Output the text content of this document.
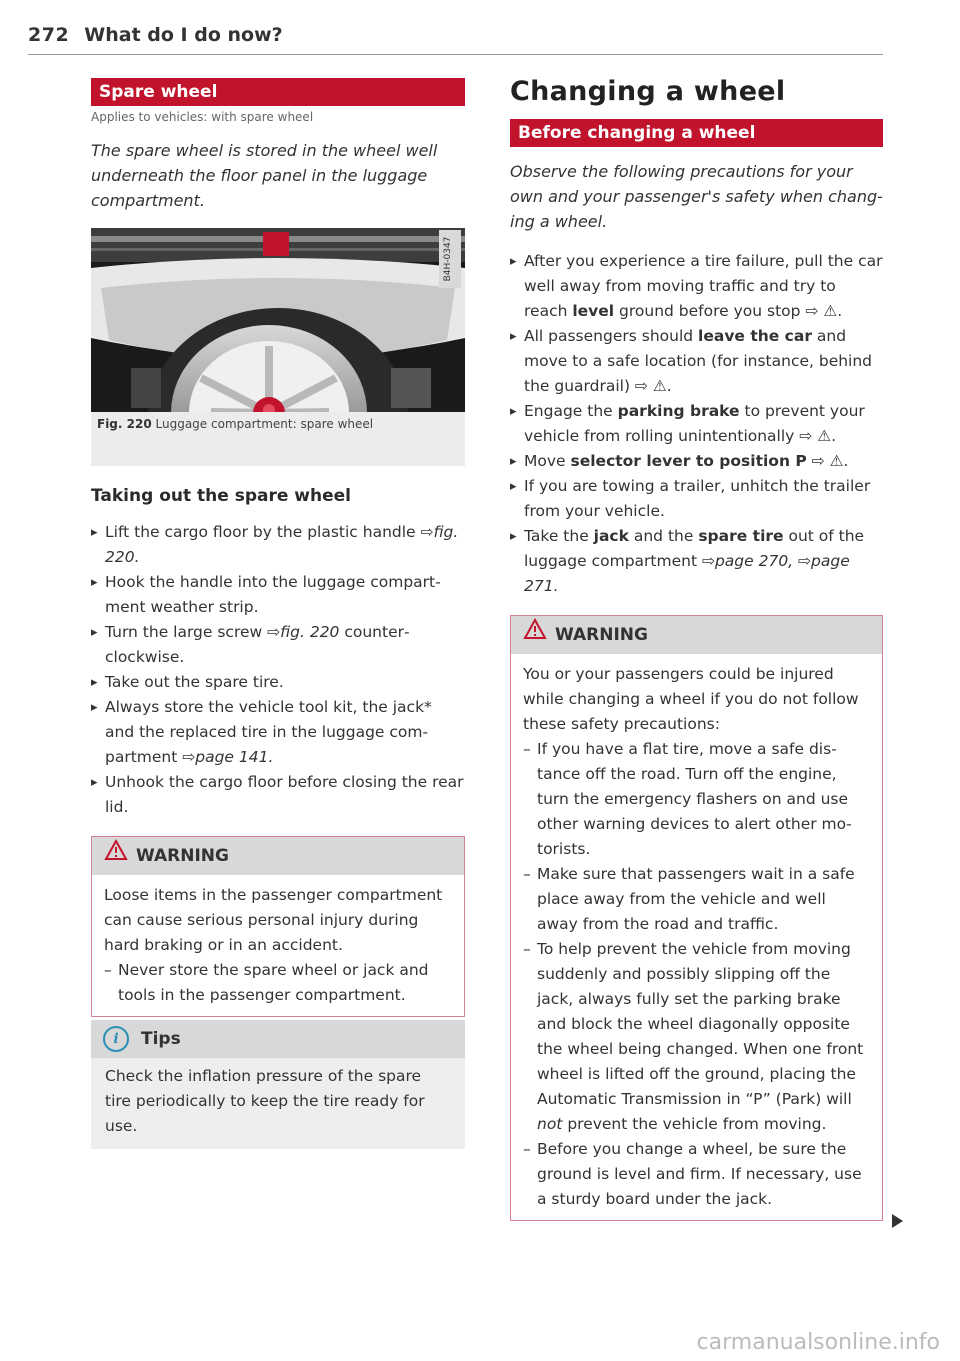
272 What do I do now?
Spare wheel
Applies to vehicles: with spare wheel
The spare wheel is stored in the wheel well underneath the floor panel in the luggage compartment.
B4H-0347
Fig. 220 Luggage compartment: spare wheel
Taking out the spare wheel
▸ Lift the cargo floor by the plastic handle ⇨fig. 220.
▸ Hook the handle into the luggage compartment weather strip.
▸ Turn the large screw ⇨fig. 220 counterclockwise.
▸ Take out the spare tire.
▸ Always store the vehicle tool kit, the jack* and the replaced tire in the luggage compartment ⇨page 141.
▸ Unhook the cargo floor before closing the rear lid.
WARNING
Loose items in the passenger compartment can cause serious personal injury during hard braking or in an accident.
– Never store the spare wheel or jack and tools in the passenger compartment.
i Tips
Check the inflation pressure of the spare tire periodically to keep the tire ready for use.
Changing a wheel
Before changing a wheel
Observe the following precautions for your own and your passenger's safety when changing a wheel.
▸ After you experience a tire failure, pull the car well away from moving traffic and try to reach level ground before you stop ⇨ ⚠.
▸ All passengers should leave the car and move to a safe location (for instance, behind the guardrail) ⇨ ⚠.
▸ Engage the parking brake to prevent your vehicle from rolling unintentionally ⇨ ⚠.
▸ Move selector lever to position P ⇨ ⚠.
▸ If you are towing a trailer, unhitch the trailer from your vehicle.
▸ Take the jack and the spare tire out of the luggage compartment ⇨page 270, ⇨page 271.
WARNING
You or your passengers could be injured while changing a wheel if you do not follow these safety precautions:
– If you have a flat tire, move a safe distance off the road. Turn off the engine, turn the emergency flashers on and use other warning devices to alert other motorists.
– Make sure that passengers wait in a safe place away from the vehicle and well away from the road and traffic.
– To help prevent the vehicle from moving suddenly and possibly slipping off the jack, always fully set the parking brake and block the wheel diagonally opposite the wheel being changed. When one front wheel is lifted off the ground, placing the Automatic Transmission in “P” (Park) will not prevent the vehicle from moving.
– Before you change a wheel, be sure the ground is level and firm. If necessary, use a sturdy board under the jack.
carmanualsonline.info
